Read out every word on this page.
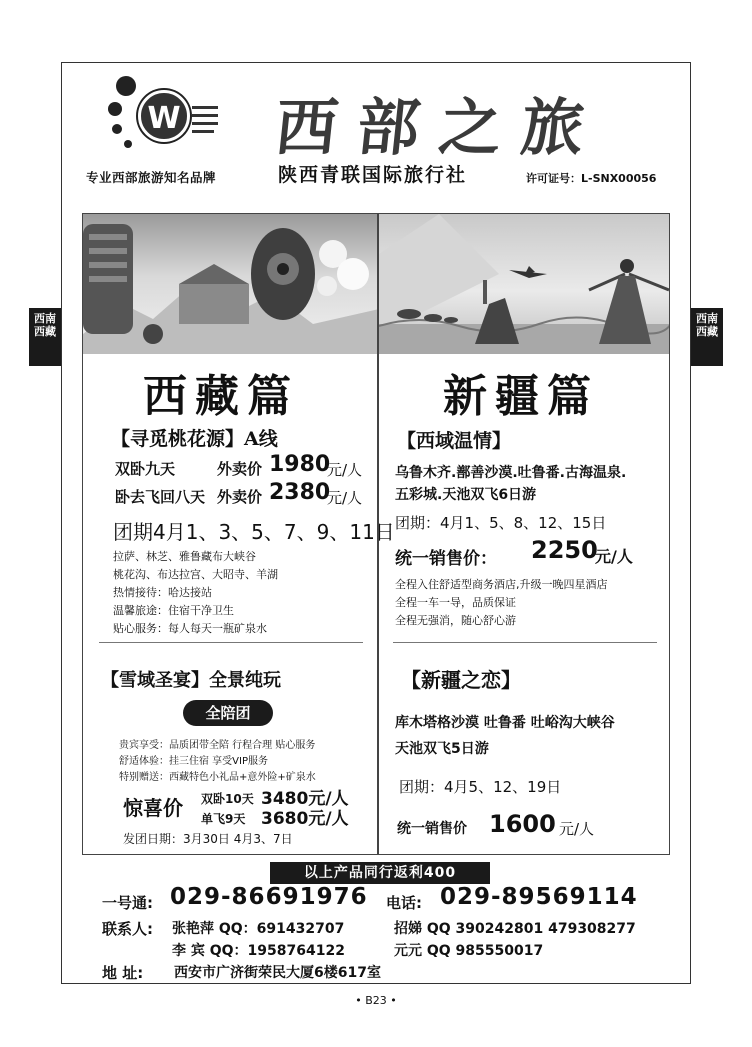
西南
西藏
西南
西藏
W
专业西部旅游知名品牌
西部之旅
陕西青联国际旅行社	许可证号：L-SNX00056
西藏篇
【寻觅桃花源】A线
双卧九天	外卖价 1980
元/人
卧去飞回八天 外卖价 2380
元/人
团期4月1、3、5、7、9、11日
拉萨、林芝、雅鲁藏布大峡谷
桃花沟、布达拉宫、大昭寺、羊湖
热情接待：哈达接站
温馨旅途：住宿干净卫生
贴心服务：每人每天一瓶矿泉水
【雪域圣宴】全景纯玩
全陪团
贵宾享受：品质团带全陪 行程合理 贴心服务
舒适体验：挂三住宿 享受VIP服务
特别赠送：西藏特色小礼品+意外险+矿泉水
惊喜价 双卧10天 3480元/人
单飞9天 3680元/人
发团日期：3月30日 4月3、7日
新疆篇
【西域温情】
乌鲁木齐.鄯善沙漠.吐鲁番.古海温泉.
五彩城.天池双飞6日游
团期：4月1、5、8、12、15日
统一销售价： 2250
元/人
全程入住舒适型商务酒店,升级一晚四星酒店
全程一车一导，品质保证
全程无强消，随心舒心游
【新疆之恋】
库木塔格沙漠 吐鲁番 吐峪沟大峡谷
天池双飞5日游
团期：4月5、12、19日
统一销售价 1600 元/人
以上产品同行返利400
一号通: 029-86691976 电话: 029-89569114
联系人: 张艳萍 QQ：691432707	招娣 QQ 390242801 479308277
李 宾 QQ：1958764122	元元 QQ 985550017
地 址: 西安市广济街荣民大厦6楼617室
• B23 •
